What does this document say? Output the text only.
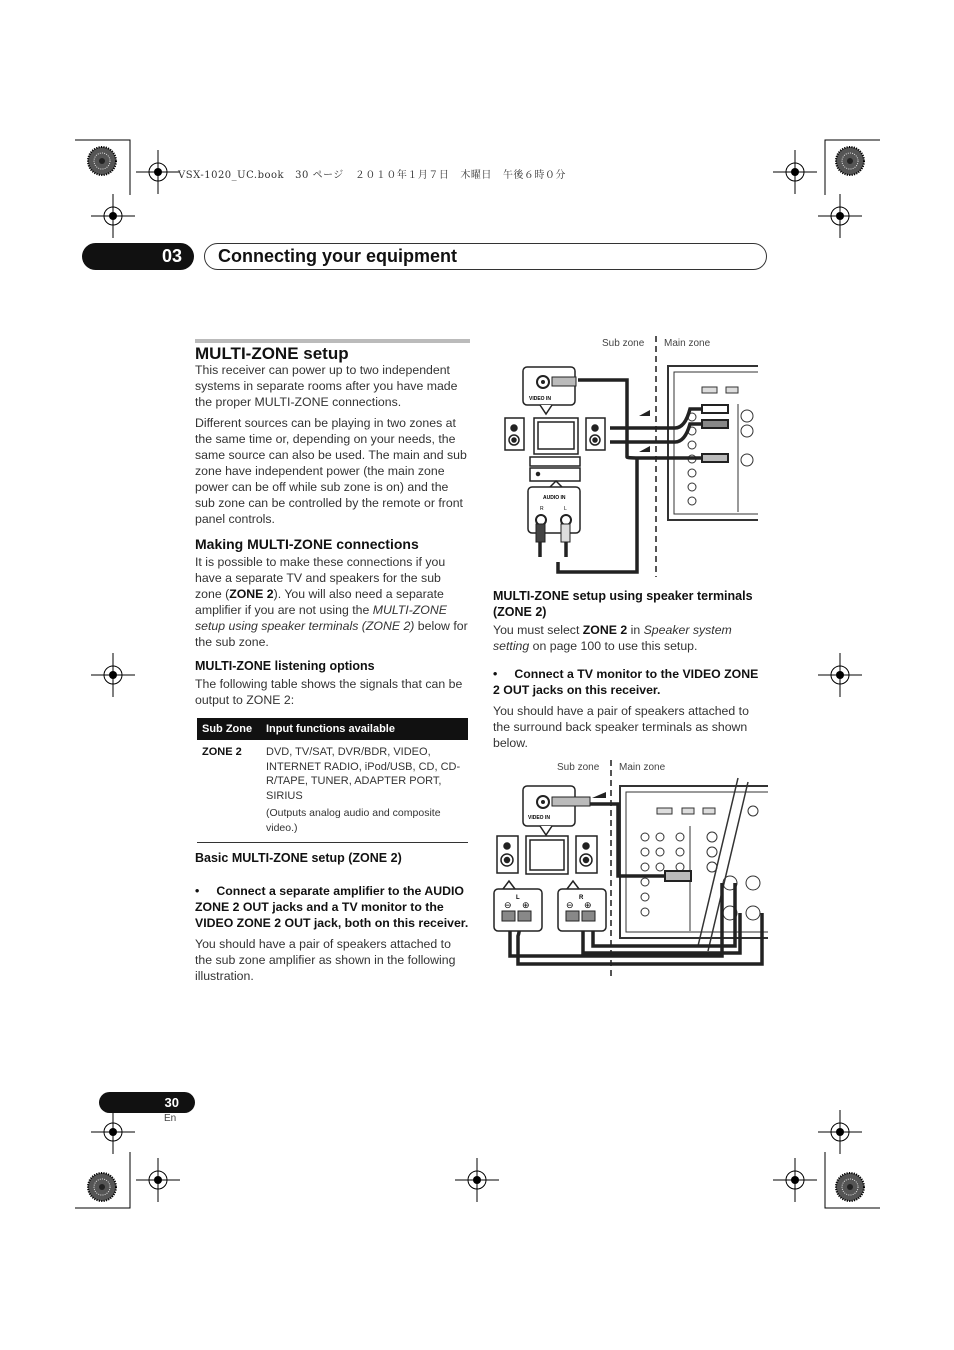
VSX-1020_UC.book   30 ページ   ２０１０年１月７日   木曜日   午後６時０分
03	Connecting your equipment
MULTI-ZONE setup

This receiver can power up to two independent systems in separate rooms after you have made the proper MULTI-ZONE connections.

Different sources can be playing in two zones at the same time or, depending on your needs, the same source can also be used. The main and sub zone have independent power (the main zone power can be off while sub zone is on) and the sub zone can be controlled by the remote or front panel controls.

Making MULTI-ZONE connections

It is possible to make these connections if you have a separate TV and speakers for the sub zone (ZONE 2). You will also need a separate amplifier if you are not using the MULTI-ZONE setup using speaker terminals (ZONE 2) below for the sub zone.

MULTI-ZONE listening options

The following table shows the signals that can be output to ZONE 2:

Sub Zone	Input functions available
ZONE 2	DVD, TV/SAT, DVR/BDR, VIDEO, INTERNET RADIO, iPod/USB, CD, CD-R/TAPE, TUNER, ADAPTER PORT, SIRIUS
(Outputs analog audio and composite video.)
Basic MULTI-ZONE setup (ZONE 2)

•     Connect a separate amplifier to the AUDIO ZONE 2 OUT jacks and a TV monitor to the VIDEO ZONE 2 OUT jack, both on this receiver.

You should have a pair of speakers attached to the sub zone amplifier as shown in the following illustration.

MULTI-ZONE setup using speaker terminals (ZONE 2)

You must select ZONE 2 in Speaker system setting on page 100 to use this setup.

•     Connect a TV monitor to the VIDEO ZONE 2 OUT jacks on this receiver.

You should have a pair of speakers attached to the surround back speaker terminals as shown below.

Sub zone Main zone
VIDEO IN
AUDIO IN
R	L
Sub zone Main zone
VIDEO IN
L
⊖ ⊕
R
⊖ ⊕
30
En
